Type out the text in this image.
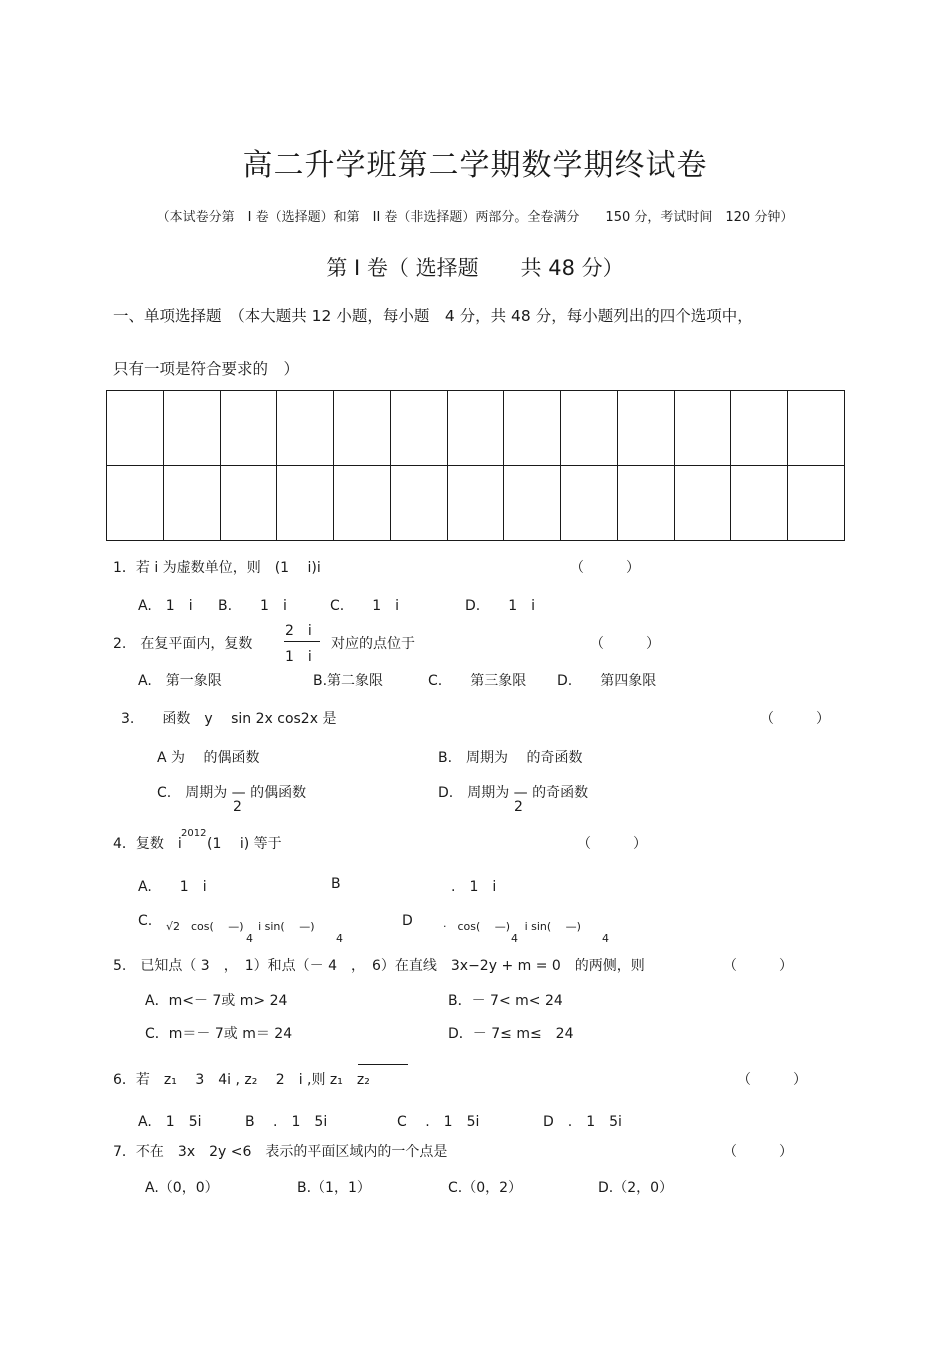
高二升学班第二学期数学期终试卷
（本试卷分第　I 卷（选择题）和第　II 卷（非选择题）两部分。全卷满分　　150 分，考试时间　120 分钟）
第 I 卷（ 选择题　　共 48 分）
一、单项选择题　（本大题共 12 小题，每小题　4 分，共 48 分，每小题列出的四个选项中，
只有一项是符合要求的　）

1．若 i 为虚数单位，则　(1　 i)i	（　　　）
A.　1　i B.　　1　i	C.　　1　i	D.　　1　i
2.　在复平面内，复数
2　i
1　i
对应的点位于	（　　　）
A.　第一象限	B.第二象限	C.　　第三象限 D.　　第四象限
3.　　函数　y　 sin 2x cos2x 是	（　　　）
A 为　 的偶函数	B.　周期为　 的奇函数
C.　周期为 — 的偶函数
2
D.　周期为 — 的奇函数
2
4．复数　i
2012
(1　 i) 等于	（　　　）
A.　　1　i	B	.　1　i
C. √2　cos(　 —)　 i sin(　 —)
4	4
D	·　cos(　 —)　 i sin(　 —)
4	4
5.　已知点（ 3　，　1）和点（－ 4　，　6）在直线　3x−2y + m = 0　的两侧，则	（　　　）
A．m<－ 7或 m> 24	B．－ 7< m< 24
C．m＝－ 7或 m＝ 24	D．－ 7≤ m≤　24
6．若　z₁　 3　4i , z₂　 2　i ,则 z₁　z₂	（　　　）
A.　1　5i	B　 .　1　5i	C　 .　1　5i	D　.　1　5i
7．不在　3x　2y <6　表示的平面区域内的一个点是	（　　　）
A.（0，0）	B.（1，1）	C.（0，2）	D.（2，0）
